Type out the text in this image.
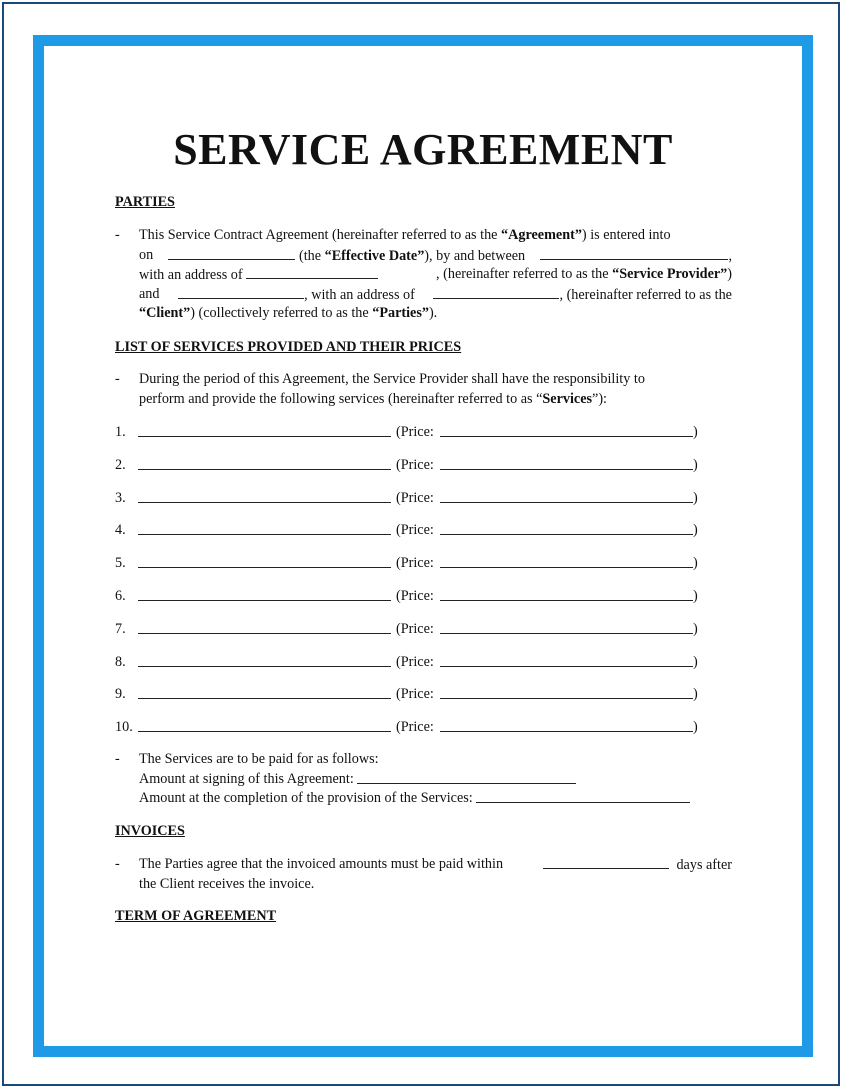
SERVICE AGREEMENT
PARTIES
- This Service Contract Agreement (hereinafter referred to as the “Agreement”) is entered into
on	(the “Effective Date”), by and between	,
with an address of	, (hereinafter referred to as the “Service Provider”)
and	, with an address of	, (hereinafter referred to as the
“Client”) (collectively referred to as the “Parties”).
LIST OF SERVICES PROVIDED AND THEIR PRICES
- During the period of this Agreement, the Service Provider shall have the responsibility to
perform and provide the following services (hereinafter referred to as “Services”):
1.	(Price:	)
2.	(Price:	)
3.	(Price:	)
4.	(Price:	)
5.	(Price:	)
6.	(Price:	)
7.	(Price:	)
8.	(Price:	)
9.	(Price:	)
10.	(Price:	)
- The Services are to be paid for as follows:
Amount at signing of this Agreement:

Amount at the completion of the provision of the Services:

INVOICES
- The Parties agree that the invoiced amounts must be paid within	days after
the Client receives the invoice.
TERM OF AGREEMENT
